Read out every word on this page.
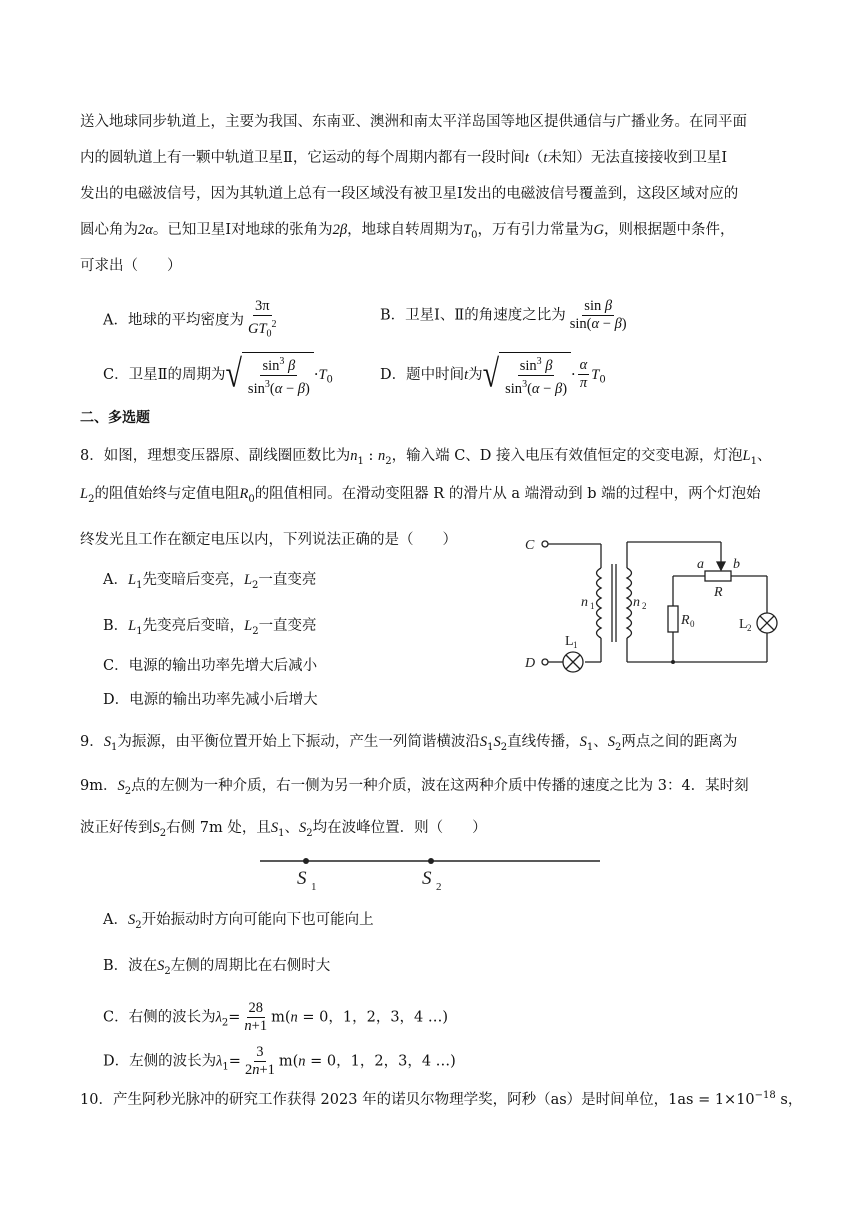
送入地球同步轨道上，主要为我国、东南亚、澳洲和南太平洋岛国等地区提供通信与广播业务。在同平面
内的圆轨道上有一颗中轨道卫星Ⅱ，它运动的每个周期内都有一段时间t（t未知）无法直接接收到卫星Ⅰ
发出的电磁波信号，因为其轨道上总有一段区域没有被卫星Ⅰ发出的电磁波信号覆盖到，这段区域对应的
圆心角为2α。已知卫星Ⅰ对地球的张角为2β，地球自转周期为$T_0$，万有引力常量为G，则根据题中条件，
可求出（　　）
A．地球的平均密度为 $\frac{3\pi}{GT_0^2}$	B．卫星Ⅰ、Ⅱ的角速度之比为 $\frac{\text{sin β}}{\sin(\alpha - \beta)}$
C．卫星Ⅱ的周期为 √ $\frac{\sin^3 \beta}{\sin^3(\alpha - \beta)} \cdot T_0$	D．题中时间t为 √ $\frac{\sin^3 \beta}{\sin^3(\alpha - \beta)} \cdot \frac{\alpha}{\pi} T_0$
二、多选题
8．如图，理想变压器原、副线圈匝数比为$n_1$ : $n_2$，输入端 C、D 接入电压有效值恒定的交变电源，灯泡$L_1$、
$L_2$的阻值始终与定值电阻$R_0$的阻值相同。在滑动变阻器 R 的滑片从 a 端滑动到 b 端的过程中，两个灯泡始
终发光且工作在额定电压以内，下列说法正确的是（　　）
A．$L_1$先变暗后变亮，$L_2$一直变亮
B．$L_1$先变亮后变暗，$L_2$一直变亮
C．电源的输出功率先增大后减小
D．电源的输出功率先减小后增大
C
D
a b
R
R
n	n
L
L
0
1	2
1
2
9．$S_1$为振源，由平衡位置开始上下振动，产生一列简谐横波沿$S_1S_2$直线传播，$S_1$、$S_2$两点之间的距离为
9m．$S_2$点的左侧为一种介质，右一侧为另一种介质，波在这两种介质中传播的速度之比为 3：4．某时刻
波正好传到$S_2$右侧 7m 处，且$S_1$、$S_2$均在波峰位置．则（　　）
S 1	S 2
A．$S_2$开始振动时方向可能向下也可能向上
B．波在$S_2$左侧的周期比在右侧时大
C．右侧的波长为$\lambda_2= \frac{28}{n+1} m(n = 0$，1，2，3，4 …)
D．左侧的波长为$\lambda_1= \frac{3}{2n+1} m(n = 0$，1，2，3，4 …)
10．产生阿秒光脉冲的研究工作获得 2023 年的诺贝尔物理学奖，阿秒（as）是时间单位，$1as = 1\times 10^{-18}$ s，
